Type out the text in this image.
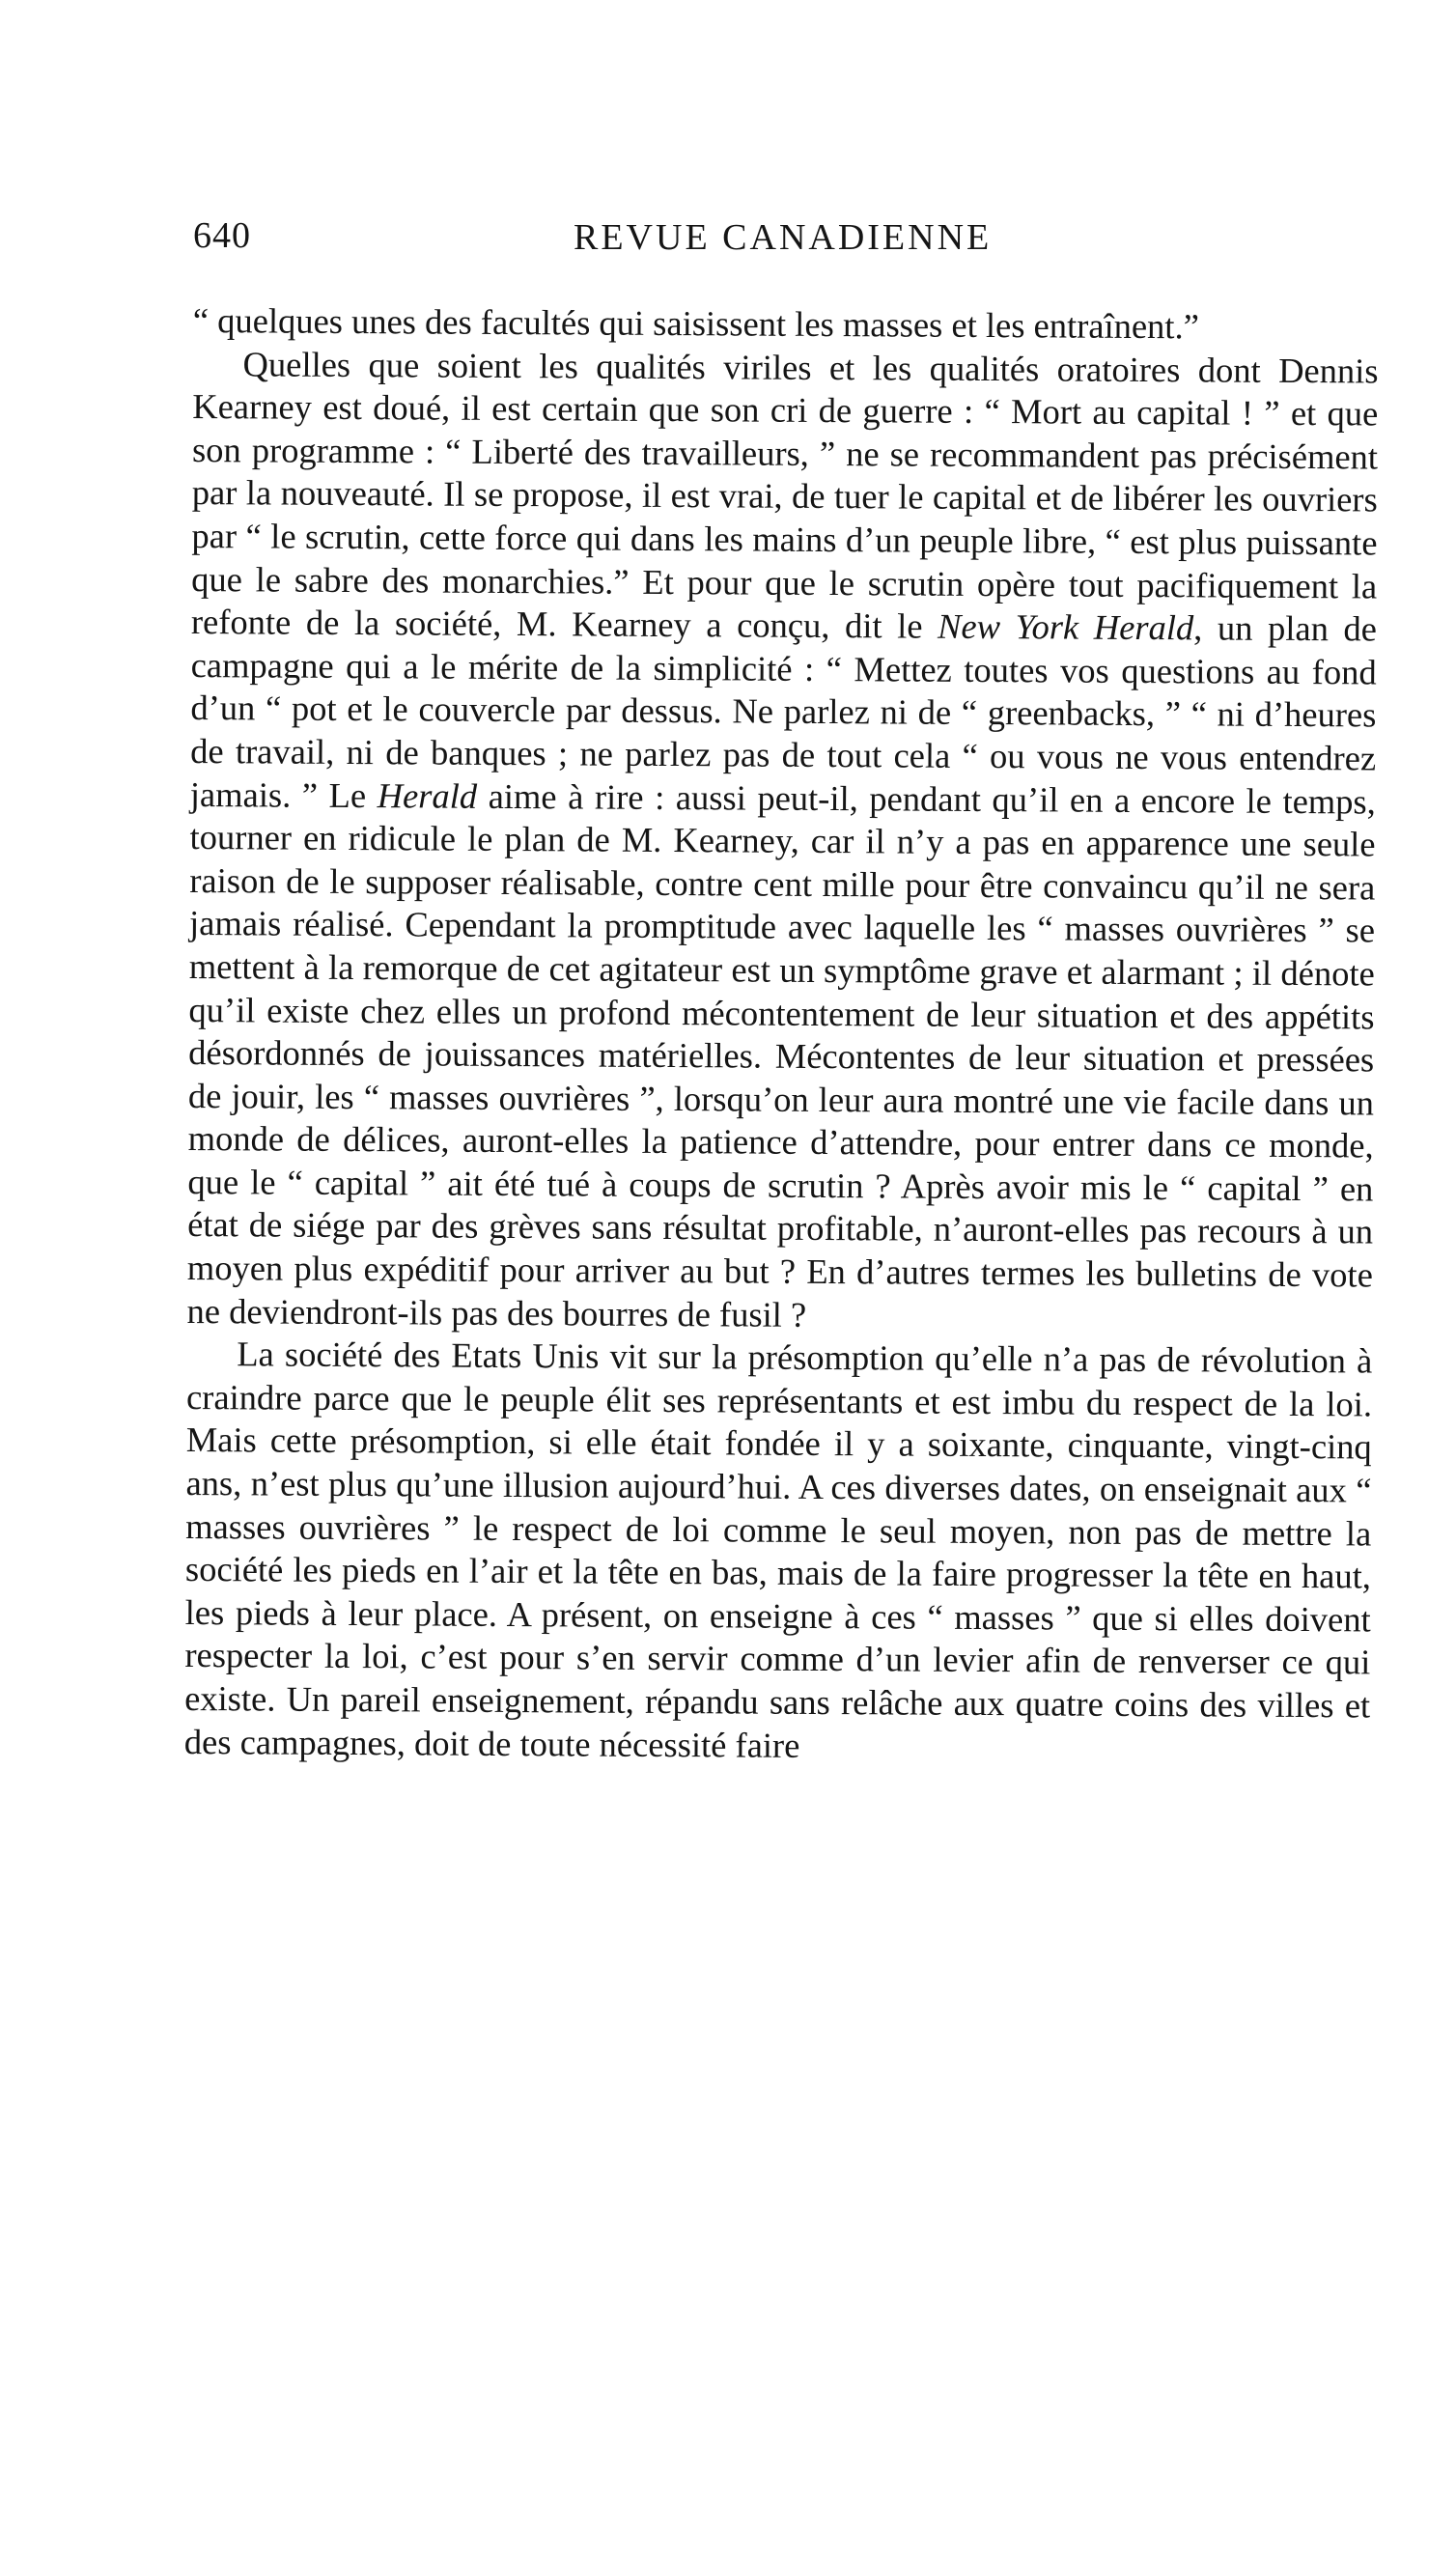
640	REVUE CANADIENNE

“ quelques unes des facultés qui saisissent les masses et les entraînent.”

Quelles que soient les qualités viriles et les qualités oratoires dont Dennis Kearney est doué, il est certain que son cri de guerre : “ Mort au capital ! ” et que son programme : “ Liberté des travailleurs, ” ne se recommandent pas précisément par la nouveauté. Il se propose, il est vrai, de tuer le capital et de libérer les ouvriers par “ le scrutin, cette force qui dans les mains d’un peuple libre, “ est plus puissante que le sabre des monarchies.” Et pour que le scrutin opère tout pacifiquement la refonte de la société, M. Kearney a conçu, dit le New York Herald, un plan de campagne qui a le mérite de la simplicité : “ Mettez toutes vos questions au fond d’un “ pot et le couvercle par dessus. Ne parlez ni de “ greenbacks, ” “ ni d’heures de travail, ni de banques ; ne parlez pas de tout cela “ ou vous ne vous entendrez jamais. ” Le Herald aime à rire : aussi peut-il, pendant qu’il en a encore le temps, tourner en ridicule le plan de M. Kearney, car il n’y a pas en apparence une seule raison de le supposer réalisable, contre cent mille pour être convaincu qu’il ne sera jamais réalisé. Cependant la promptitude avec laquelle les “ masses ouvrières ” se mettent à la remorque de cet agitateur est un symptôme grave et alarmant ; il dénote qu’il existe chez elles un profond mécontentement de leur situation et des appétits désordonnés de jouissances matérielles. Mécontentes de leur situation et pressées de jouir, les “ masses ouvrières ”, lorsqu’on leur aura montré une vie facile dans un monde de délices, auront-elles la patience d’attendre, pour entrer dans ce monde, que le “ capital ” ait été tué à coups de scrutin ? Après avoir mis le “ capital ” en état de siége par des grèves sans résultat profitable, n’auront-elles pas recours à un moyen plus expéditif pour arriver au but ? En d’autres termes les bulletins de vote ne deviendront-ils pas des bourres de fusil ?

La société des Etats Unis vit sur la présomption qu’elle n’a pas de révolution à craindre parce que le peuple élit ses représentants et est imbu du respect de la loi. Mais cette présomption, si elle était fondée il y a soixante, cinquante, vingt-cinq ans, n’est plus qu’une illusion aujourd’hui. A ces diverses dates, on enseignait aux “ masses ouvrières ” le respect de loi comme le seul moyen, non pas de mettre la société les pieds en l’air et la tête en bas, mais de la faire progresser la tête en haut, les pieds à leur place. A présent, on enseigne à ces “ masses ” que si elles doivent respecter la loi, c’est pour s’en servir comme d’un levier afin de renverser ce qui existe. Un pareil enseignement, répandu sans relâche aux quatre coins des villes et des campagnes, doit de toute nécessité faire
